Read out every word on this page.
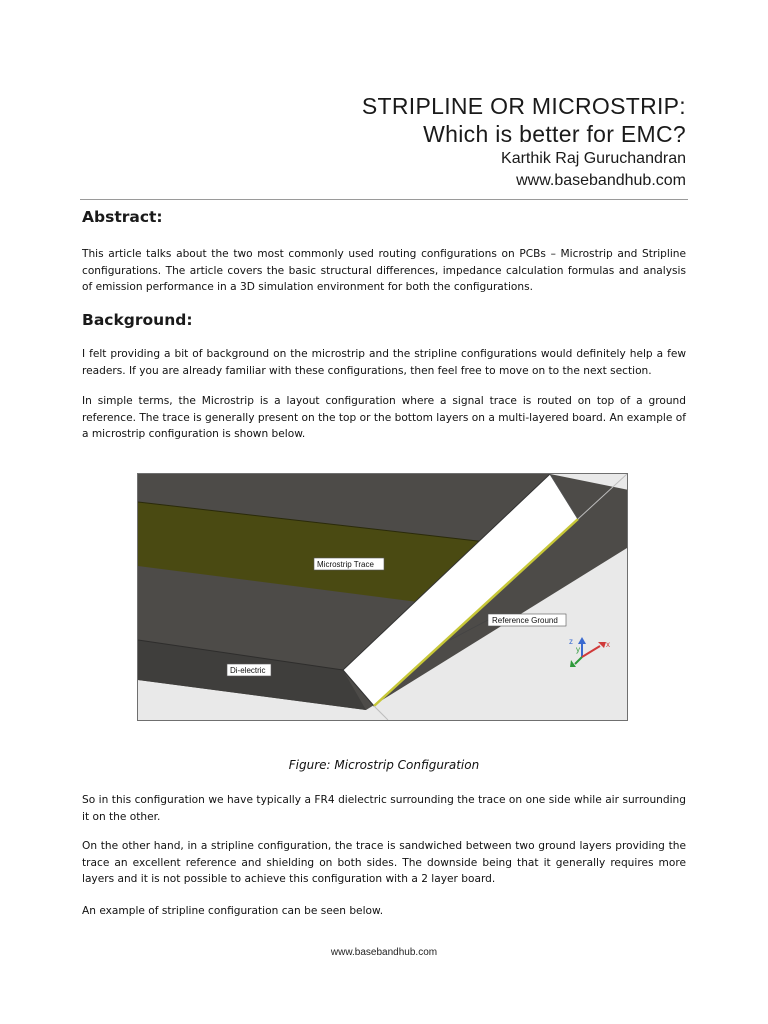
STRIPLINE OR MICROSTRIP:
Which is better for EMC?
Karthik Raj Guruchandran
www.basebandhub.com
Abstract:
This article talks about the two most commonly used routing configurations on PCBs – Microstrip and Stripline configurations. The article covers the basic structural differences, impedance calculation formulas and analysis of emission performance in a 3D simulation environment for both the configurations.
Background:
I felt providing a bit of background on the microstrip and the stripline configurations would definitely help a few readers. If you are already familiar with these configurations, then feel free to move on to the next section.
In simple terms, the Microstrip is a layout configuration where a signal trace is routed on top of a ground reference. The trace is generally present on the top or the bottom layers on a multi-layered board. An example of a microstrip configuration is shown below.
Microstrip Trace
Reference Ground
Di-electric
z
y
x
Figure: Microstrip Configuration
So in this configuration we have typically a FR4 dielectric surrounding the trace on one side while air surrounding it on the other.
On the other hand, in a stripline configuration, the trace is sandwiched between two ground layers providing the trace an excellent reference and shielding on both sides. The downside being that it generally requires more layers and it is not possible to achieve this configuration with a 2 layer board.
An example of stripline configuration can be seen below.
www.basebandhub.com
